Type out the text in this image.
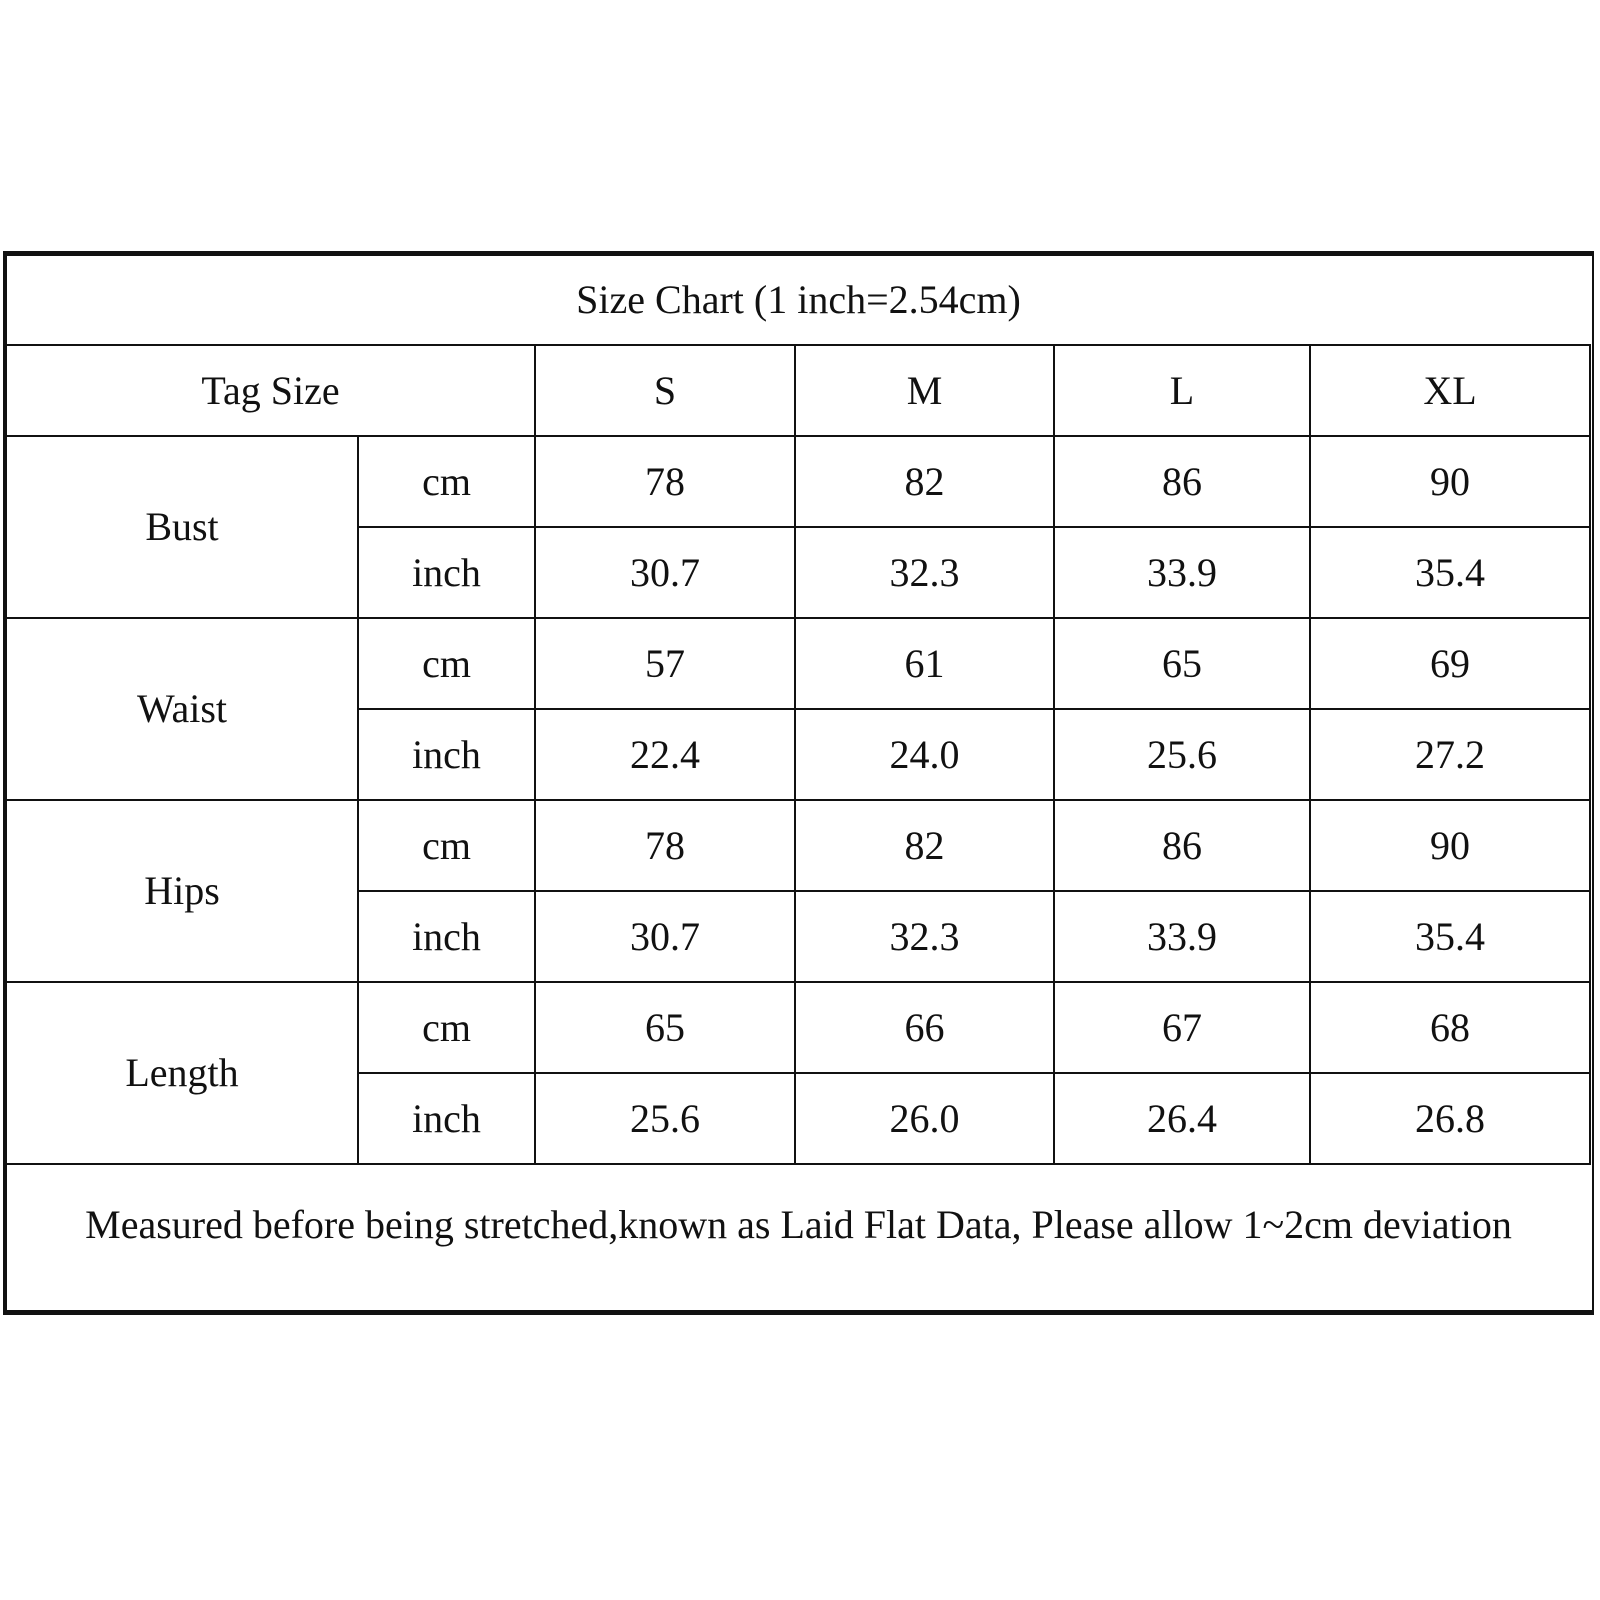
Size Chart (1 inch=2.54cm)					
Tag Size		S	M	L	XL
Bust	cm	78	82	86	90
	inch	30.7	32.3	33.9	35.4
Waist	cm	57	61	65	69
	inch	22.4	24.0	25.6	27.2
Hips	cm	78	82	86	90
	inch	30.7	32.3	33.9	35.4
Length	cm	65	66	67	68
	inch	25.6	26.0	26.4	26.8
Measured before being stretched,known as Laid Flat Data, Please allow 1~2cm deviation					
